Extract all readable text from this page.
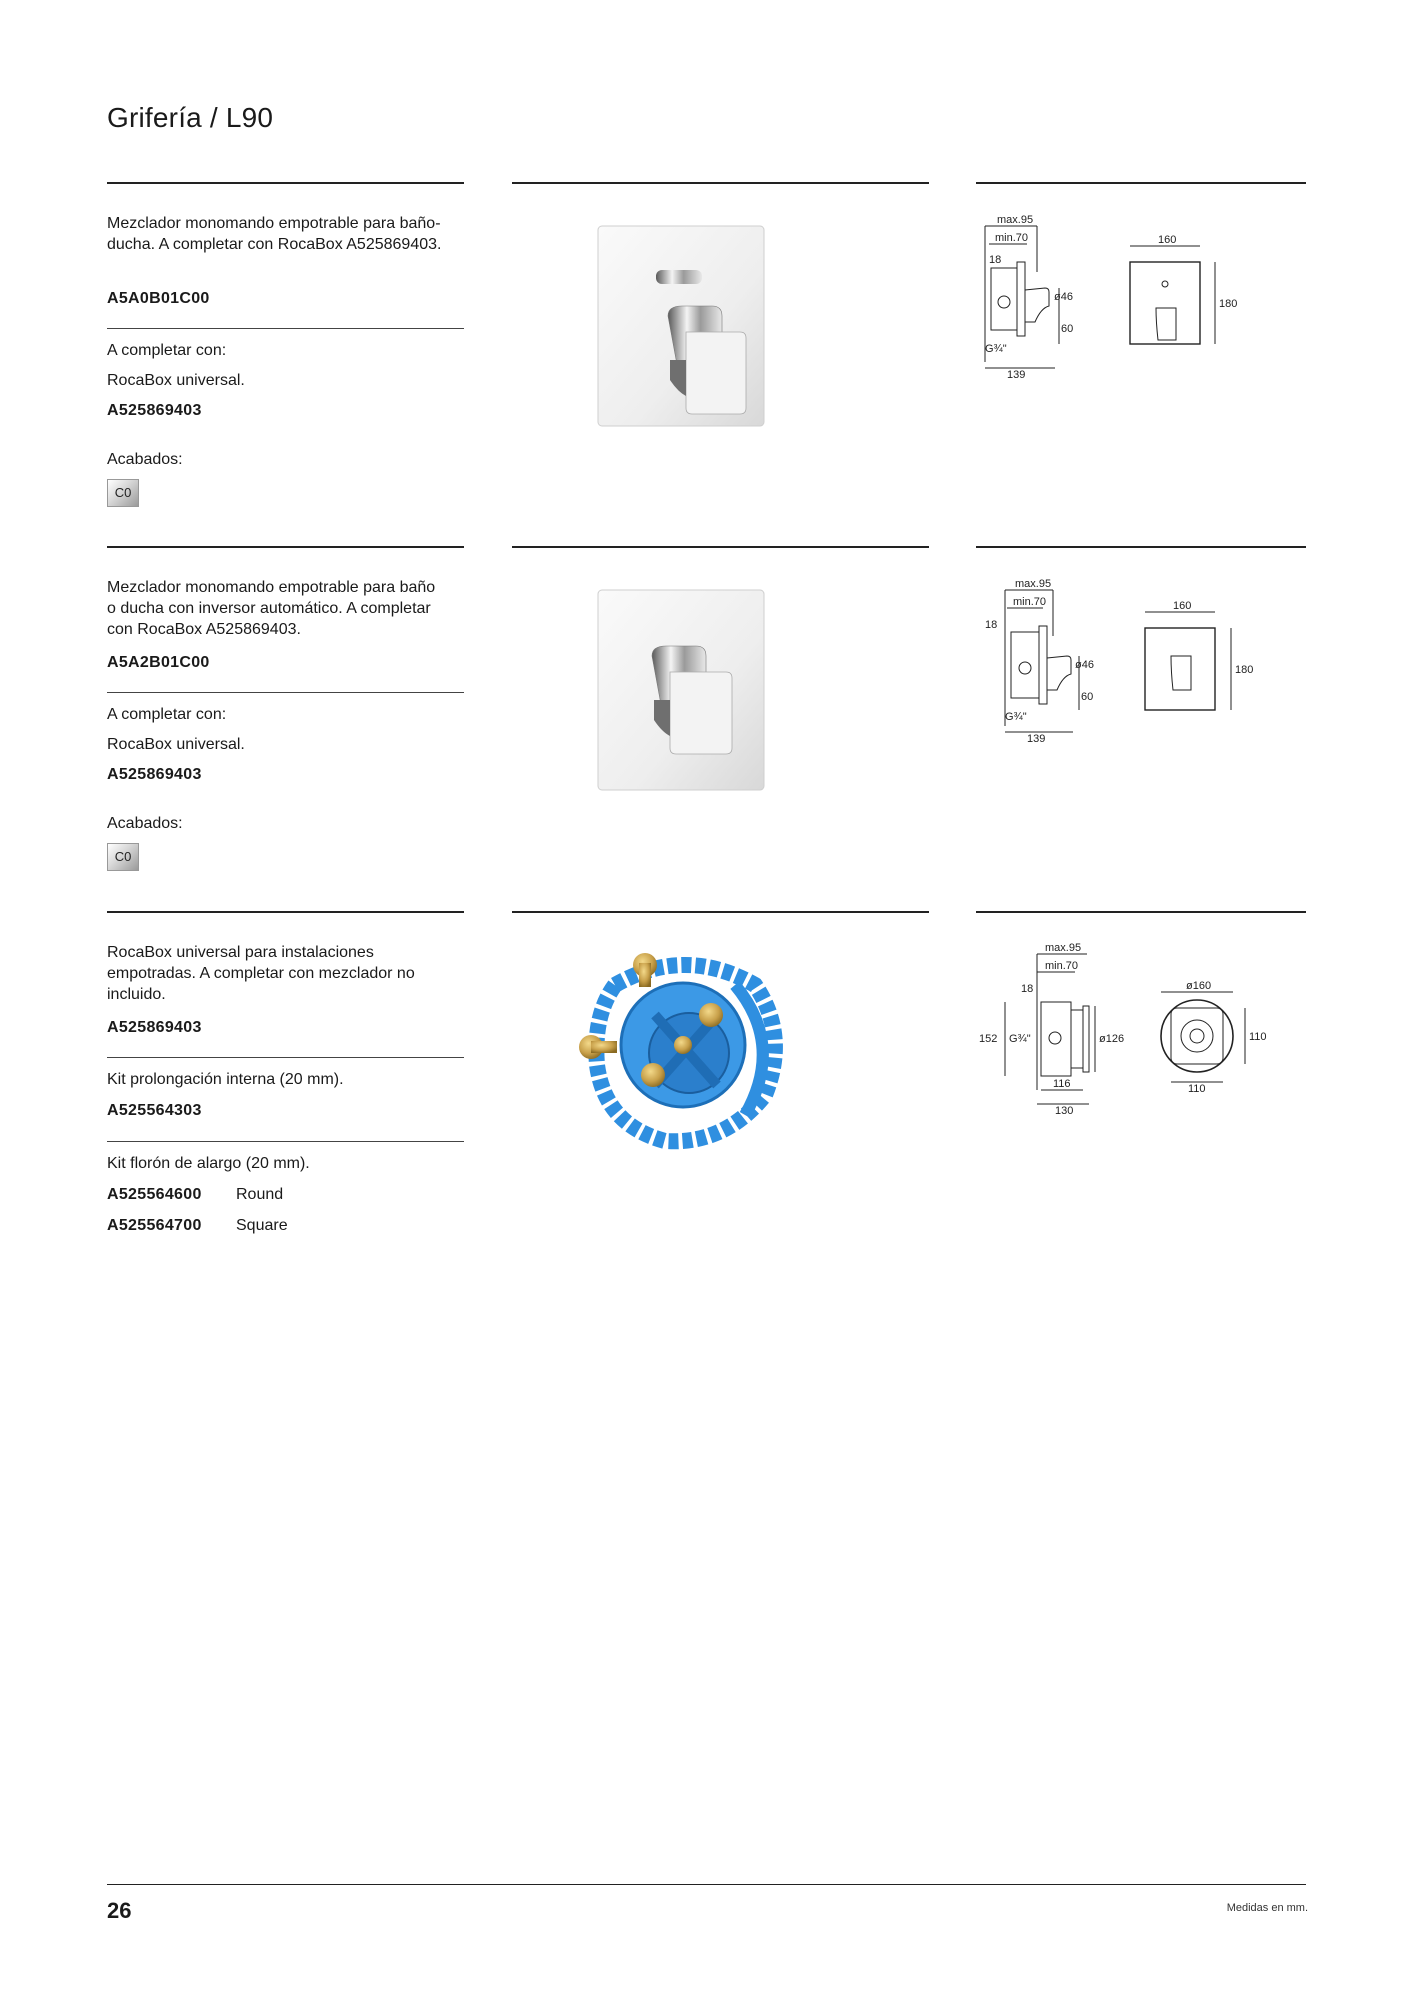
Grifería / L90
Mezclador monomando empotrable para baño-ducha. A completar con RocaBox A525869403.
A5A0B01C00
A completar con:
RocaBox universal.
A525869403
Acabados:
C0
max.95
min.70
18
ø46
60
G¾"
139
160
180
Mezclador monomando empotrable para baño o ducha con inversor automático. A completar con RocaBox A525869403.
A5A2B01C00
A completar con:
RocaBox universal.
A525869403
Acabados:
C0
max.95
min.70
18
ø46
60
G¾"
139
160
180
RocaBox universal para instalaciones empotradas. A completar con mezclador no incluido.
A525869403
Kit prolongación interna (20 mm).
A525564303
Kit florón de alargo (20 mm).
A525564600 Round
A525564700 Square
max.95
min.70
18
152 G¾"	ø126
116
130
ø160
110
110
26	Medidas en mm.
